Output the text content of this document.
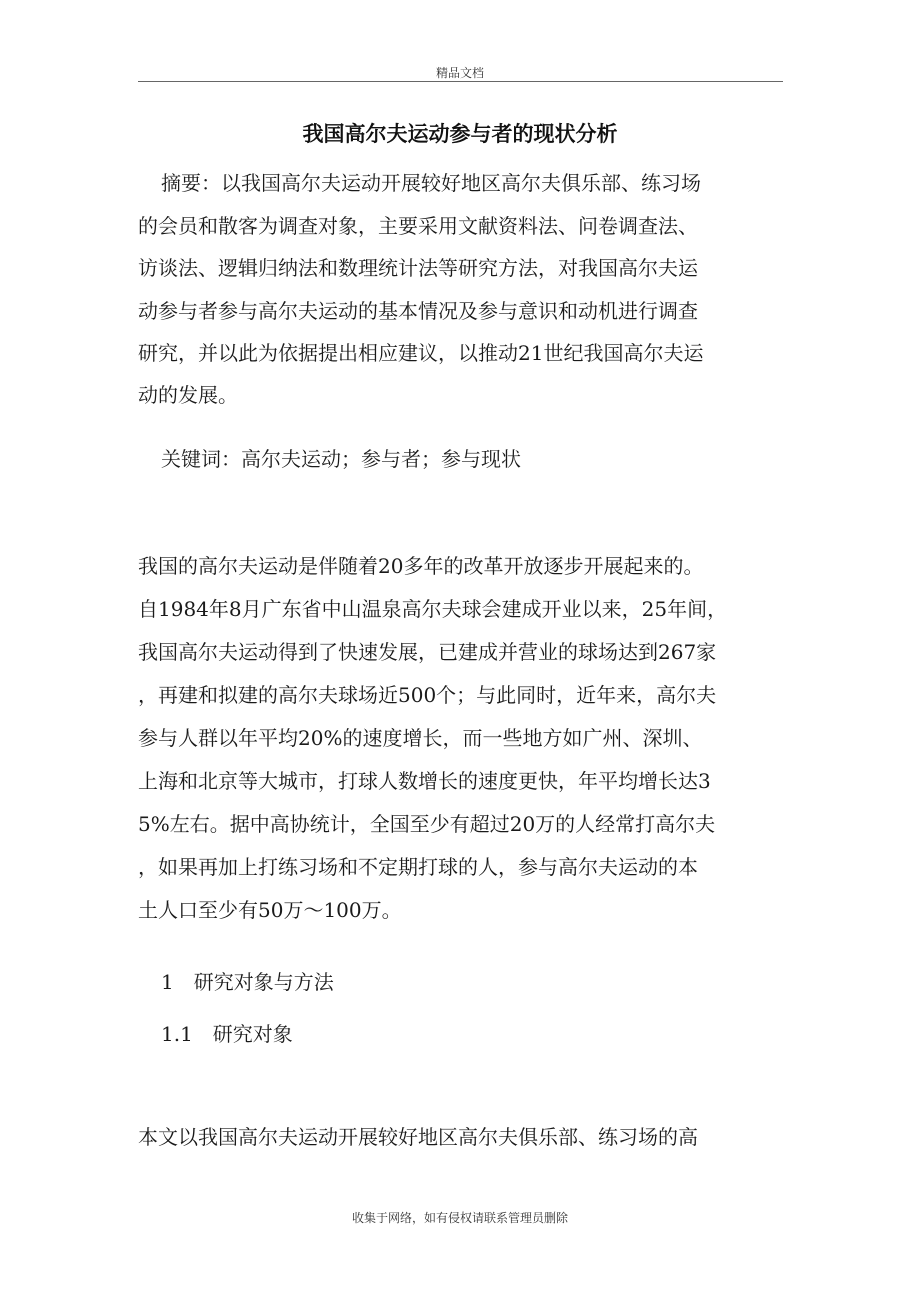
精品文档
我国高尔夫运动参与者的现状分析
摘要：以我国高尔夫运动开展较好地区高尔夫俱乐部、练习场
的会员和散客为调查对象，主要采用文献资料法、问卷调查法、
访谈法、逻辑归纳法和数理统计法等研究方法，对我国高尔夫运
动参与者参与高尔夫运动的基本情况及参与意识和动机进行调查
研究，并以此为依据提出相应建议，以推动21世纪我国高尔夫运
动的发展。
关键词：高尔夫运动；参与者；参与现状
我国的高尔夫运动是伴随着20多年的改革开放逐步开展起来的。
自1984年8月广东省中山温泉高尔夫球会建成开业以来，25年间，
我国高尔夫运动得到了快速发展，已建成并营业的球场达到267家
，再建和拟建的高尔夫球场近500个；与此同时，近年来，高尔夫
参与人群以年平均20%的速度增长，而一些地方如广州、深圳、
上海和北京等大城市，打球人数增长的速度更快，年平均增长达3
5%左右。据中高协统计，全国至少有超过20万的人经常打高尔夫
，如果再加上打练习场和不定期打球的人，参与高尔夫运动的本
土人口至少有50万～100万。
1　研究对象与方法
1.1　研究对象
本文以我国高尔夫运动开展较好地区高尔夫俱乐部、练习场的高
收集于网络，如有侵权请联系管理员删除
